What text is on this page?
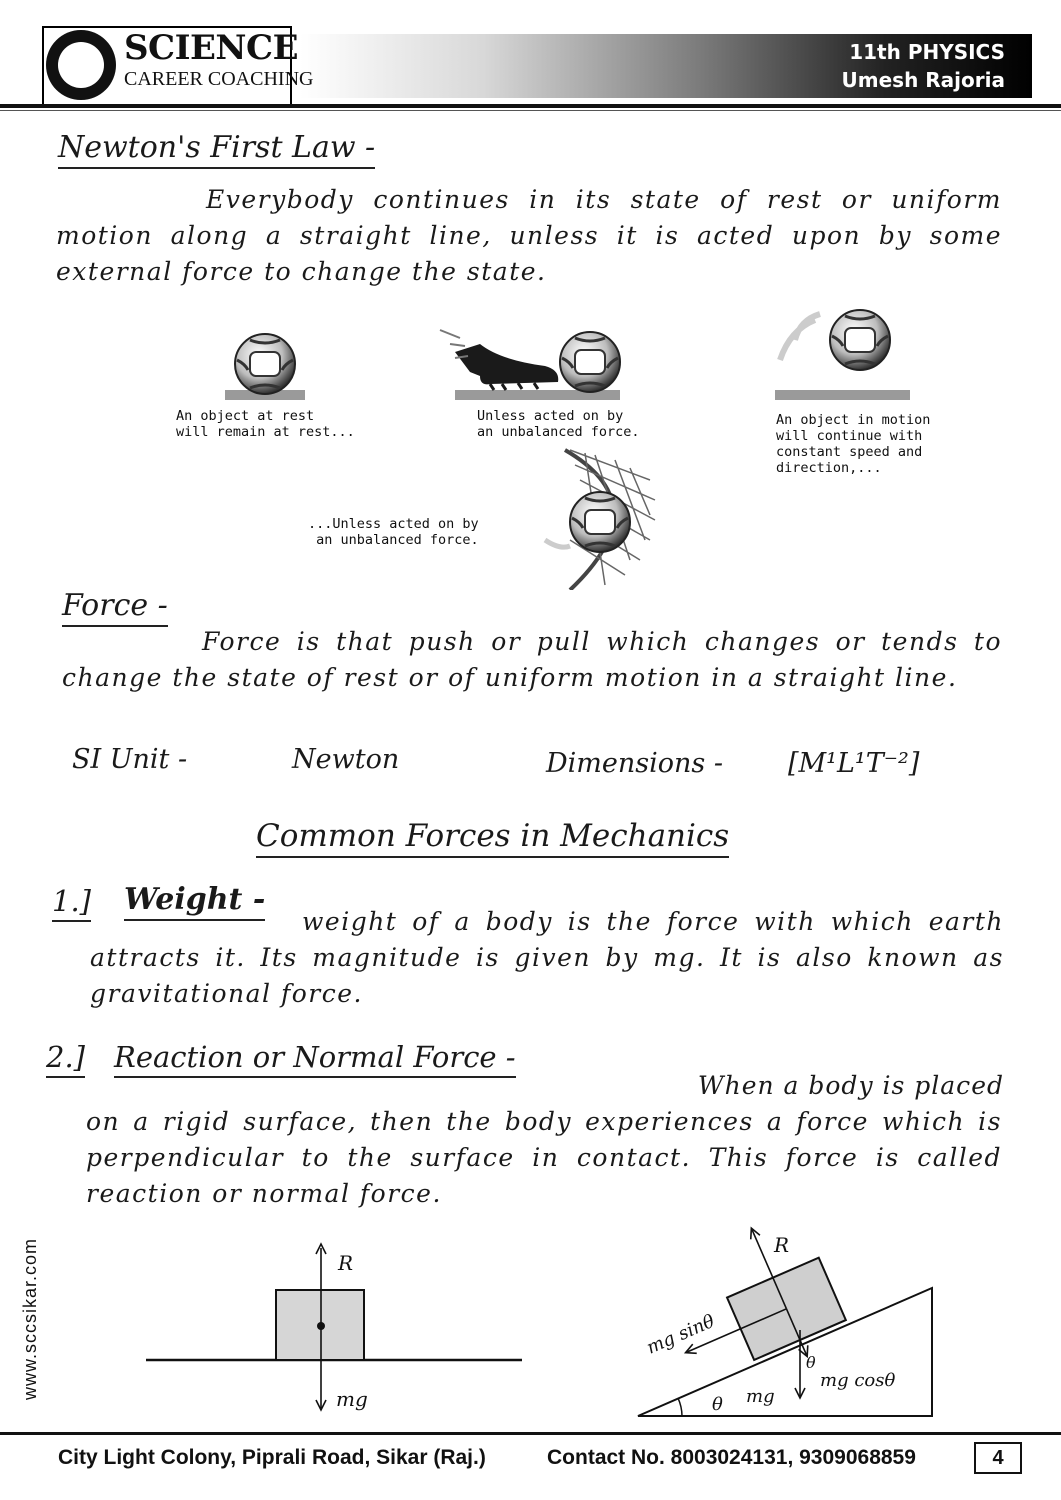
SCIENCE
CAREER COACHING
11th PHYSICS
Umesh Rajoria
Newton's First Law -
Everybody continues in its state of rest or uniform motion along a straight line, unless it is acted upon by some external force to change the state.
An object at rest
will remain at rest...
Unless acted on by
an unbalanced force.
An object in motion
will continue with
constant speed and
direction,...
...Unless acted on by
an unbalanced force.
Force -
Force is that push or pull which changes or tends to change the state of rest or of uniform motion in a straight line.
SI Unit -	Newton	Dimensions - [M¹L¹T⁻²]
Common Forces in Mechanics
1.] Weight -
weight of a body is the force with which earth attracts it. Its magnitude is given by mg. It is also known as gravitational force.
2.] Reaction or Normal Force -
When a body is placed
on a rigid surface, then the body experiences a force which is perpendicular to the surface in contact. This force is called reaction or normal force.
R
mg
R
mg sinθ
mg cosθ
θ
mg
θ
www.sccsikar.com
City Light Colony, Piprali Road, Sikar (Raj.)	Contact No. 8003024131, 9309068859	4
